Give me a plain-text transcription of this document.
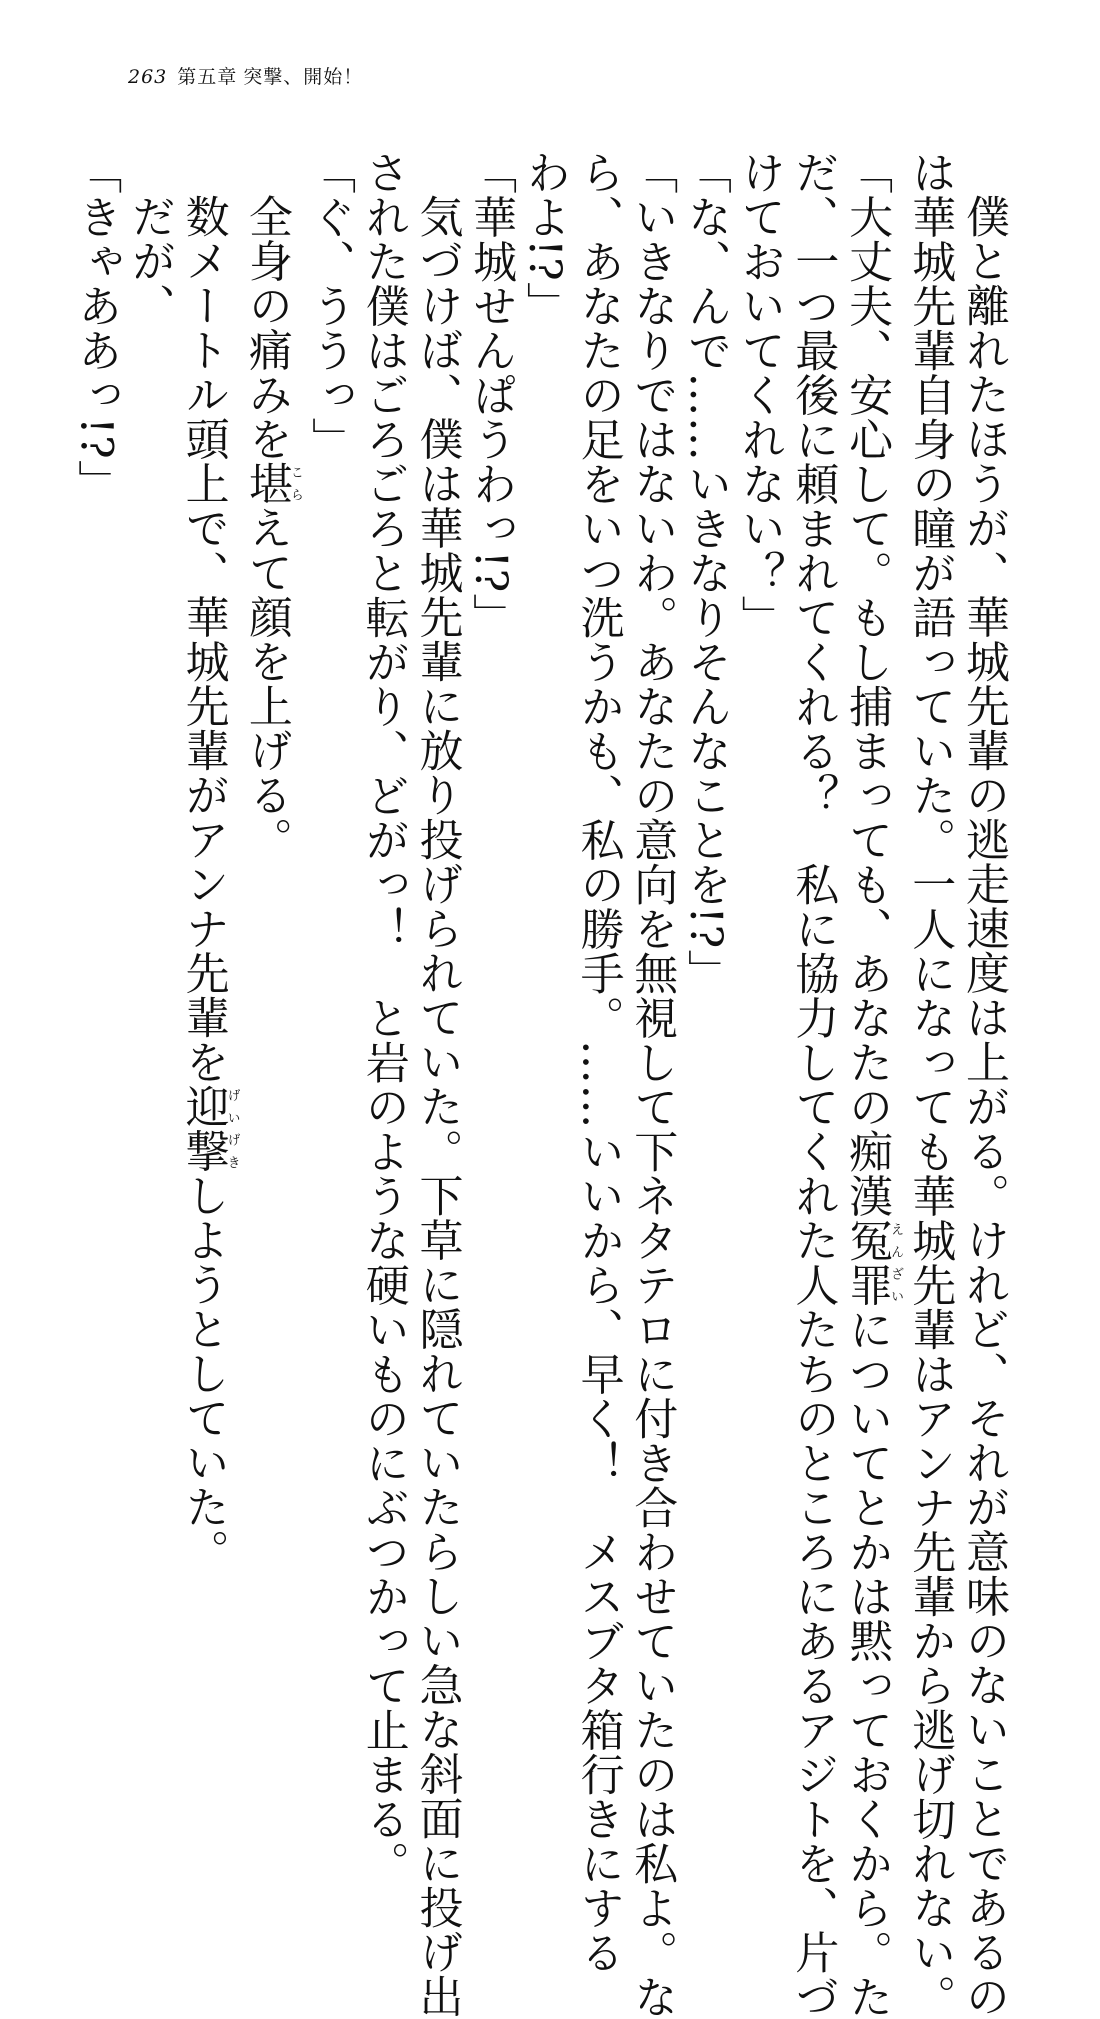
263 第五章 突撃、開始！
僕と離れたほうが、華城先輩の逃走速度は上がる。けれど、それが意味のないことであるの
は華城先輩自身の瞳が語っていた。一人になっても華城先輩はアンナ先輩から逃げ切れない。
「大丈夫、安心して。もし捕まっても、あなたの痴漢冤罪えんざいについてとかは黙っておくから。た
だ、一つ最後に頼まれてくれる？　私に協力してくれた人たちのところにあるアジトを、片づ
けておいてくれない？」
「な、んで……いきなりそんなことを!?」
「いきなりではないわ。あなたの意向を無視して下ネタテロに付き合わせていたのは私よ。な
ら、あなたの足をいつ洗うかも、私の勝手。……いいから、早く！　メスブタ箱行きにする
わよ!?」
「華城せんぱうわっ!?」
気づけば、僕は華城先輩に放り投げられていた。下草に隠れていたらしい急な斜面に投げ出
された僕はごろごろと転がり、どがっ！　と岩のような硬いものにぶつかって止まる。
「ぐ、ううっ」
全身の痛みを堪こらえて顔を上げる。
数メートル頭上で、華城先輩がアンナ先輩を迎撃げいげきしようとしていた。
だが、
「きゃああっ!?」
